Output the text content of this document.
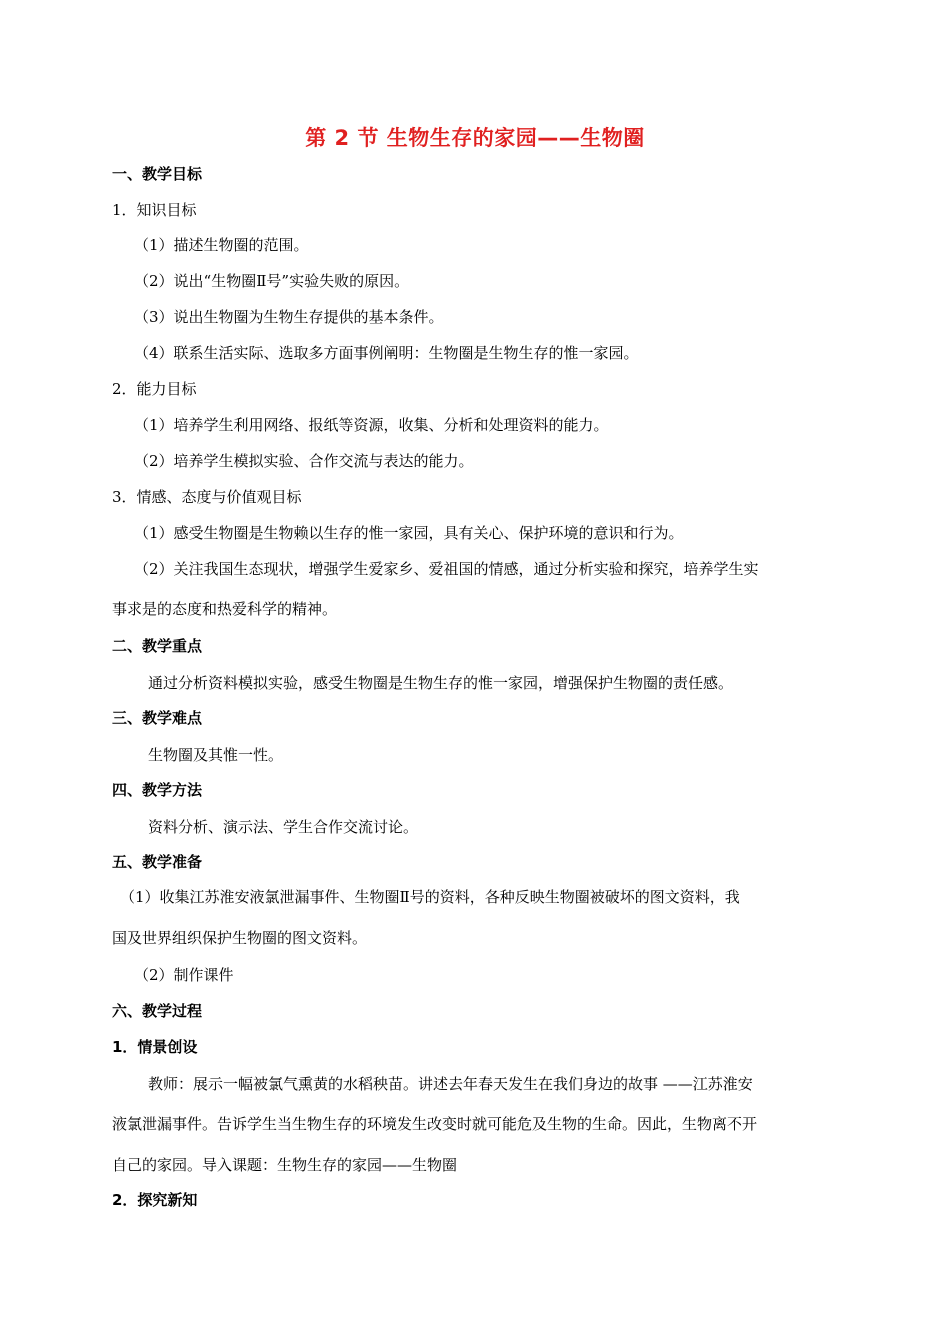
第 2 节 生物生存的家园——生物圈
一、教学目标
1．知识目标
（1）描述生物圈的范围。
（2）说出“生物圈Ⅱ号”实验失败的原因。
（3）说出生物圈为生物生存提供的基本条件。
（4）联系生活实际、选取多方面事例阐明：生物圈是生物生存的惟一家园。
2．能力目标
（1）培养学生利用网络、报纸等资源，收集、分析和处理资料的能力。
（2）培养学生模拟实验、合作交流与表达的能力。
3．情感、态度与价值观目标
（1）感受生物圈是生物赖以生存的惟一家园，具有关心、保护环境的意识和行为。
（2）关注我国生态现状，增强学生爱家乡、爱祖国的情感，通过分析实验和探究，培养学生实
事求是的态度和热爱科学的精神。
二、教学重点
通过分析资料模拟实验，感受生物圈是生物生存的惟一家园，增强保护生物圈的责任感。
三、教学难点
生物圈及其惟一性。
四、教学方法
资料分析、演示法、学生合作交流讨论。
五、教学准备
（1）收集江苏淮安液氯泄漏事件、生物圈Ⅱ号的资料，各种反映生物圈被破坏的图文资料，我
国及世界组织保护生物圈的图文资料。
（2）制作课件
六、教学过程
1．情景创设
教师：展示一幅被氯气熏黄的水稻秧苗。讲述去年春天发生在我们身边的故事 ——江苏淮安
液氯泄漏事件。告诉学生当生物生存的环境发生改变时就可能危及生物的生命。因此，生物离不开
自己的家园。导入课题：生物生存的家园——生物圈
2．探究新知
